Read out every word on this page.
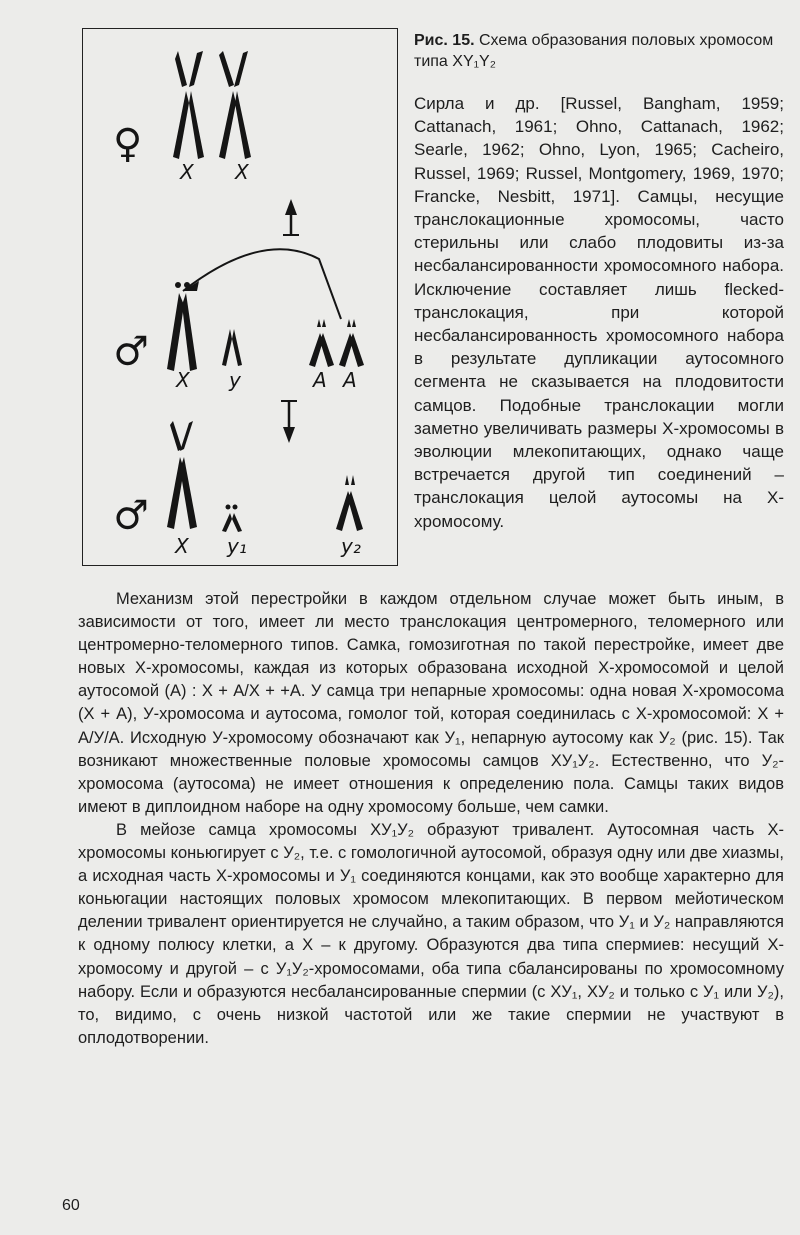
♀
X X
♂
X y	A A
♂
X y₁	y₂

Рис. 15. Схема образования половых хромосом типа XY₁Y₂

Сирла и др. [Russel, Bangham, 1959; Cattanach, 1961; Ohno, Cattanach, 1962; Searle, 1962; Ohno, Lyon, 1965; Cacheiro, Russel, 1969; Russel, Montgomery, 1969, 1970; Francke, Nesbitt, 1971]. Самцы, несущие транслокационные хромосомы, часто стерильны или слабо плодовиты из-за несбалансированности хромосомного набора. Исключение составляет лишь flecked-транслокация, при которой несбалансированность хромосомного набора в результате дупликации аутосомного сегмента не сказывается на плодовитости самцов. Подобные транслокации могли заметно увеличивать размеры Х-хромосомы в эволюции млекопитающих, однако чаще встречается другой тип соединений – транслокация целой аутосомы на Х-хромосому.

Механизм этой перестройки в каждом отдельном случае может быть иным, в зависимости от того, имеет ли место транслокация центромерного, теломерного или центромерно-теломерного типов. Самка, гомозиготная по такой перестройке, имеет две новых Х-хромосомы, каждая из которых образована исходной Х-хромосомой и целой аутосомой (А) : Х + А/Х + +А. У самца три непарные хромосомы: одна новая Х-хромосома (Х + А), У-хромосома и аутосома, гомолог той, которая соединилась с Х-хромосомой: Х + А/У/А. Исходную У-хромосому обозначают как У₁, непарную аутосому как У₂ (рис. 15). Так возникают множественные половые хромосомы самцов ХУ₁У₂. Естественно, что У₂-хромосома (аутосома) не имеет отношения к определению пола. Самцы таких видов имеют в диплоидном наборе на одну хромосому больше, чем самки.

В мейозе самца хромосомы ХУ₁У₂ образуют тривалент. Аутосомная часть Х-хромосомы коньюгирует с У₂, т.е. с гомологичной аутосомой, образуя одну или две хиазмы, а исходная часть Х-хромосомы и У₁ соединяются концами, как это вообще характерно для коньюгации настоящих половых хромосом млекопитающих. В первом мейотическом делении тривалент ориентируется не случайно, а таким образом, что У₁ и У₂ направляются к одному полюсу клетки, а Х – к другому. Образуются два типа спермиев: несущий Х-хромосому и другой – с У₁У₂-хромосомами, оба типа сбалансированы по хромосомному набору. Если и образуются несбалансированные спермии (с ХУ₁, ХУ₂ и только с У₁ или У₂), то, видимо, с очень низкой частотой или же такие спермии не участвуют в оплодотворении.

60
